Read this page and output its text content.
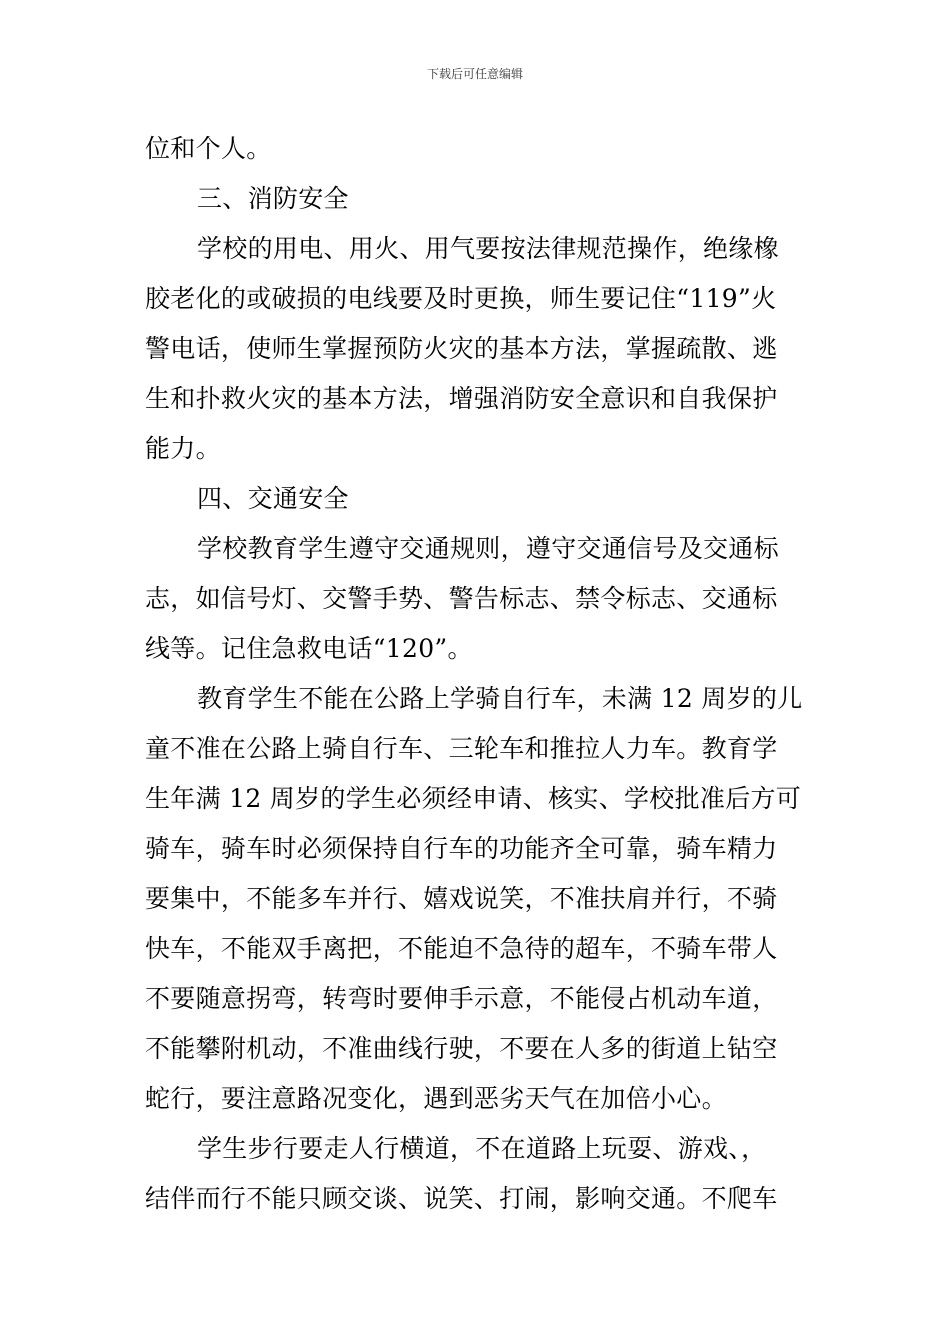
下载后可任意编辑
位和个人。
三、消防安全
学校的用电、用火、用气要按法律规范操作，绝缘橡
胶老化的或破损的电线要及时更换，师生要记住“119”火
警电话，使师生掌握预防火灾的基本方法，掌握疏散、逃
生和扑救火灾的基本方法，增强消防安全意识和自我保护
能力。
四、交通安全
学校教育学生遵守交通规则，遵守交通信号及交通标
志，如信号灯、交警手势、警告标志、禁令标志、交通标
线等。记住急救电话“120”。
教育学生不能在公路上学骑自行车，未满 12 周岁的儿
童不准在公路上骑自行车、三轮车和推拉人力车。教育学
生年满 12 周岁的学生必须经申请、核实、学校批准后方可
骑车，骑车时必须保持自行车的功能齐全可靠，骑车精力
要集中，不能多车并行、嬉戏说笑，不准扶肩并行，不骑
快车，不能双手离把，不能迫不急待的超车，不骑车带人
不要随意拐弯，转弯时要伸手示意，不能侵占机动车道，
不能攀附机动，不准曲线行驶，不要在人多的街道上钻空
蛇行，要注意路况变化，遇到恶劣天气在加倍小心。
学生步行要走人行横道，不在道路上玩耍、游戏、，
结伴而行不能只顾交谈、说笑、打闹，影响交通。不爬车
